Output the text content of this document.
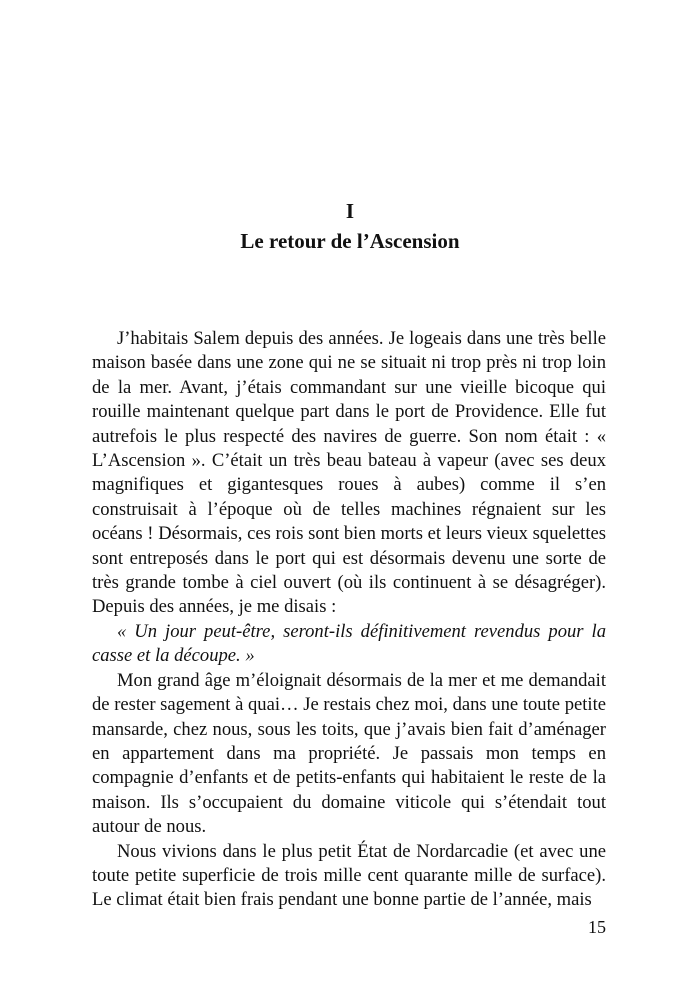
I
Le retour de l’Ascension

J’habitais Salem depuis des années. Je logeais dans une très belle maison basée dans une zone qui ne se situait ni trop près ni trop loin de la mer. Avant, j’étais commandant sur une vieille bicoque qui rouille maintenant quelque part dans le port de Providence. Elle fut autrefois le plus respecté des navires de guerre. Son nom était : « L’Ascension ». C’était un très beau bateau à vapeur (avec ses deux magnifiques et gigantesques roues à aubes) comme il s’en construisait à l’époque où de telles machines régnaient sur les océans ! Désormais, ces rois sont bien morts et leurs vieux squelettes sont entreposés dans le port qui est désormais devenu une sorte de très grande tombe à ciel ouvert (où ils continuent à se désagréger). Depuis des années, je me disais :

« Un jour peut-être, seront-ils définitivement revendus pour la casse et la découpe. »

Mon grand âge m’éloignait désormais de la mer et me demandait de rester sagement à quai… Je restais chez moi, dans une toute petite mansarde, chez nous, sous les toits, que j’avais bien fait d’aménager en appartement dans ma propriété. Je passais mon temps en compagnie d’enfants et de petits-enfants qui habitaient le reste de la maison. Ils s’occupaient du domaine viticole qui s’étendait tout autour de nous.

Nous vivions dans le plus petit État de Nordarcadie (et avec une toute petite superficie de trois mille cent quarante mille de surface). Le climat était bien frais pendant une bonne partie de l’année, mais

15
